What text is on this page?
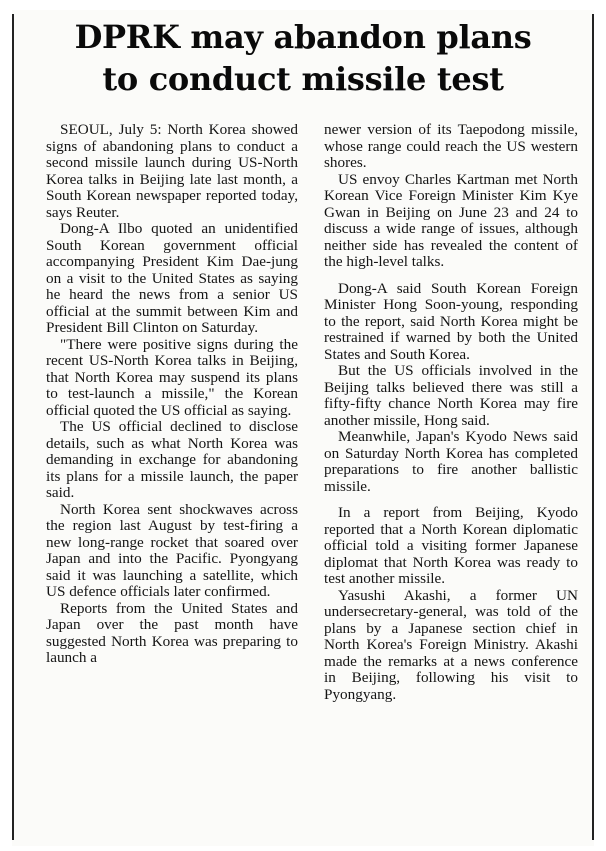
DPRK may abandon plans
to conduct missile test

SEOUL, July 5: North Korea showed signs of abandoning plans to conduct a second missile launch during US-North Korea talks in Beijing late last month, a South Korean newspaper reported today, says Reuter.

Dong-A Ilbo quoted an unidentified South Korean government official accompanying President Kim Dae-jung on a visit to the United States as saying he heard the news from a senior US official at the summit between Kim and President Bill Clinton on Saturday.

"There were positive signs during the recent US-North Korea talks in Beijing, that North Korea may suspend its plans to test-launch a missile," the Korean official quoted the US official as saying.

The US official declined to disclose details, such as what North Korea was demanding in exchange for abandoning its plans for a missile launch, the paper said.

North Korea sent shockwaves across the region last August by test-firing a new long-range rocket that soared over Japan and into the Pacific. Pyongyang said it was launching a satellite, which US defence officials later confirmed.

Reports from the United States and Japan over the past month have suggested North Korea was preparing to launch a

newer version of its Taepodong missile, whose range could reach the US western shores.

US envoy Charles Kartman met North Korean Vice Foreign Minister Kim Kye Gwan in Beijing on June 23 and 24 to discuss a wide range of issues, although neither side has revealed the content of the high-level talks.

Dong-A said South Korean Foreign Minister Hong Soon-young, responding to the report, said North Korea might be restrained if warned by both the United States and South Korea.

But the US officials involved in the Beijing talks believed there was still a fifty-fifty chance North Korea may fire another missile, Hong said.

Meanwhile, Japan's Kyodo News said on Saturday North Korea has completed preparations to fire another ballistic missile.

In a report from Beijing, Kyodo reported that a North Korean diplomatic official told a visiting former Japanese diplomat that North Korea was ready to test another missile.

Yasushi Akashi, a former UN undersecretary-general, was told of the plans by a Japanese section chief in North Korea's Foreign Ministry. Akashi made the remarks at a news conference in Beijing, following his visit to Pyongyang.
